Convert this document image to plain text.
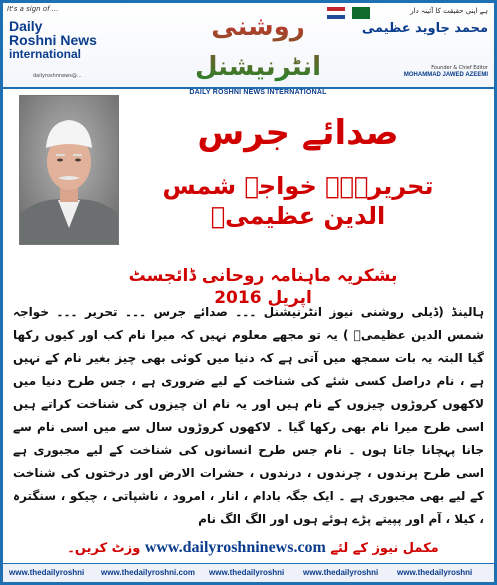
It's a sign of ...
Daily
Roshni News
international
dailyroshnnews@...
روشنی انٹرنیشنل
DAILY ROSHNI NEWS INTERNATIONAL
ہے اپنی حقیقت کا آئینہ دار
محمد جاوید عظیمی
Founder & Chief Editor
MOHAMMAD JAWED AZEEMI
صدائے جرس
تحریر۔۔۔ خواجہ شمس الدین عظیمیؒ
بشکریہ ماہنامہ روحانی ڈائجسٹ اپریل 2016
ہالینڈ (ڈیلی روشنی نیوز انٹرنیشنل ۔۔۔ صدائے جرس ۔۔۔ تحریر ۔۔۔ خواجہ شمس الدین عظیمیؒ ) یہ تو مجھے معلوم نہیں کہ میرا نام کب اور کیوں رکھا گیا البتہ یہ بات سمجھ میں آتی ہے کہ دنیا میں کوئی بھی چیز بغیر نام کے نہیں ہے ، نام دراصل کسی شئے کی شناخت کے لیے ضروری ہے ، جس طرح دنیا میں لاکھوں کروڑوں چیزوں کے نام ہیں اور یہ نام ان چیزوں کی شناخت کراتے ہیں اسی طرح میرا نام بھی رکھا گیا ۔ لاکھوں کروڑوں سال سے میں اسی نام سے جانا پہچانا جاتا ہوں ۔ نام جس طرح انسانوں کی شناخت کے لیے مجبوری ہے اسی طرح پرندوں ، چرندوں ، درندوں ، حشرات الارض اور درختوں کی شناخت کے لیے بھی مجبوری ہے ۔ ایک جگہ بادام ، انار ، امرود ، ناشپاتی ، چیکو ، سنگترہ ، کیلا ، آم اور پپیتے پڑے ہوئے ہوں اور الگ الگ نام
مکمل نیوز کے لئے www.dailyroshninews.com وزٹ کریں۔
www.thedailyroshni www.thedailyroshni.com www.thedailyroshni www.thedailyroshni www.thedailyroshni
